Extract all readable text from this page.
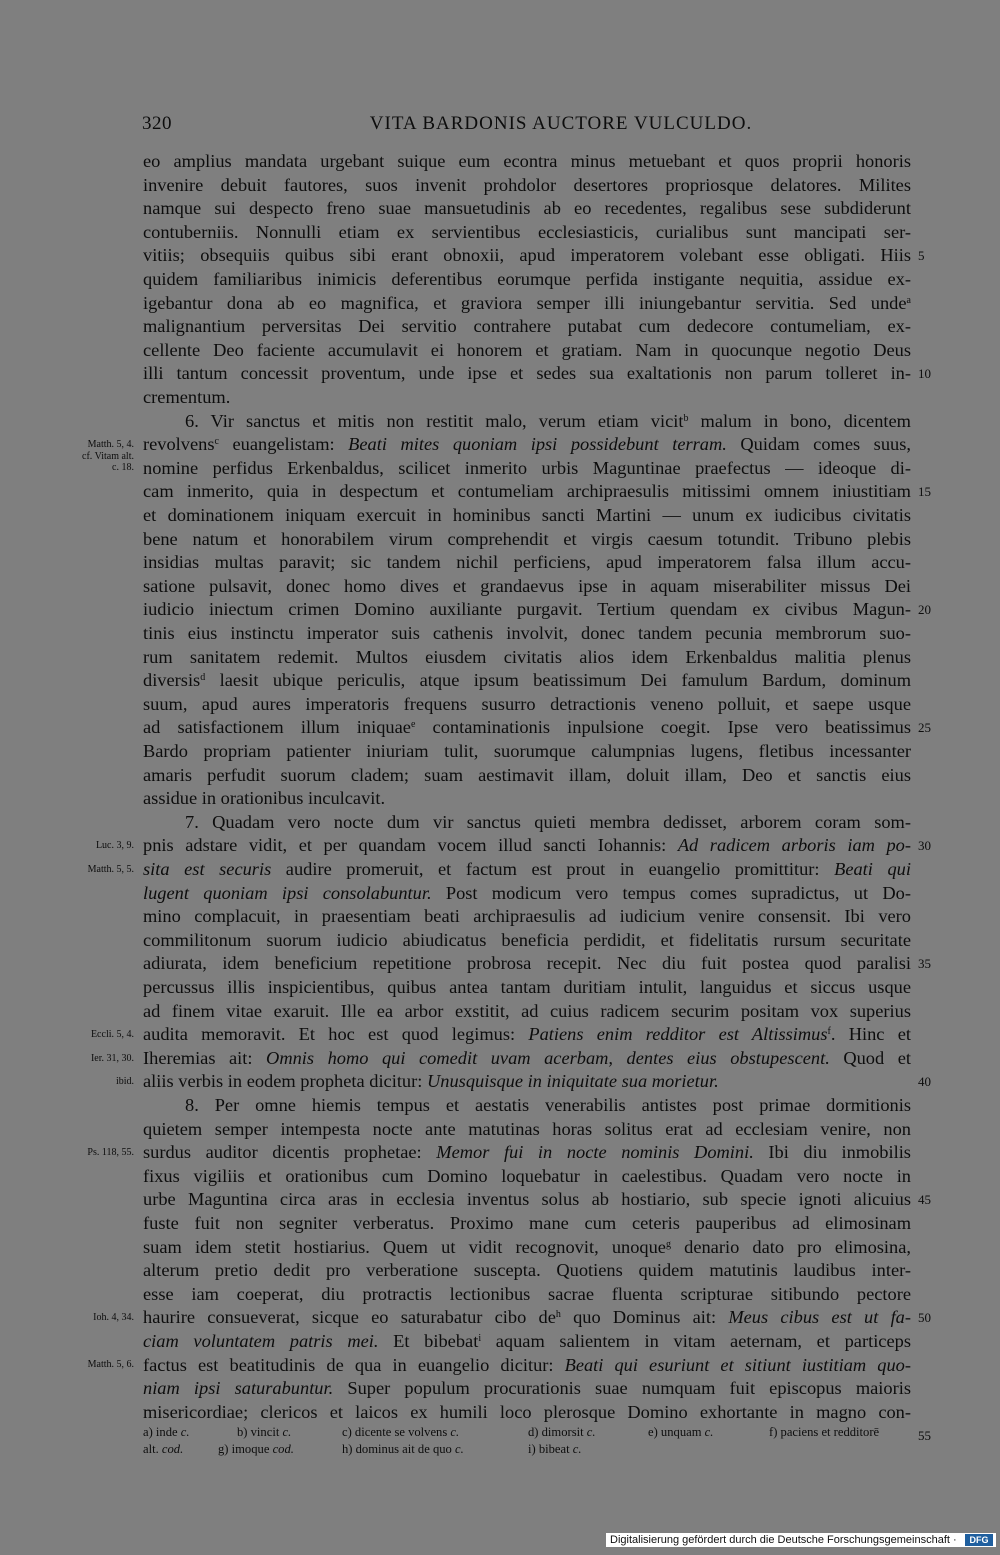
320	VITA BARDONIS AUCTORE VULCULDO.
eo amplius mandata urgebant suique eum econtra minus metuebant et quos proprii honoris
invenire debuit fautores, suos invenit prohdolor desertores propriosque delatores. Milites
namque sui despecto freno suae mansuetudinis ab eo recedentes, regalibus sese subdiderunt
contuberniis. Nonnulli etiam ex servientibus ecclesiasticis, curialibus sunt mancipati ser-
vitiis; obsequiis quibus sibi erant obnoxii, apud imperatorem volebant esse obligati. Hiis
quidem familiaribus inimicis deferentibus eorumque perfida instigante nequitia, assidue ex-
igebantur dona ab eo magnifica, et graviora semper illi iniungebantur servitia. Sed unde$^a$
malignantium perversitas Dei servitio contrahere putabat cum dedecore contumeliam, ex-
cellente Deo faciente accumulavit ei honorem et gratiam. Nam in quocunque negotio Deus
illi tantum concessit proventum, unde ipse et sedes sua exaltationis non parum tolleret in-
crementum.
6. Vir sanctus et mitis non restitit malo, verum etiam vicit$^b$ malum in bono, dicentem
revolvens$^c$ euangelistam: Beati mites quoniam ipsi possidebunt terram. Quidam comes suus,
nomine perfidus Erkenbaldus, scilicet inmerito urbis Maguntinae praefectus — ideoque di-
cam inmerito, quia in despectum et contumeliam archipraesulis mitissimi omnem iniustitiam
et dominationem iniquam exercuit in hominibus sancti Martini — unum ex iudicibus civitatis
bene natum et honorabilem virum comprehendit et virgis caesum totundit. Tribuno plebis
insidias multas paravit; sic tandem nichil perficiens, apud imperatorem falsa illum accu-
satione pulsavit, donec homo dives et grandaevus ipse in aquam miserabiliter missus Dei
iudicio iniectum crimen Domino auxiliante purgavit. Tertium quendam ex civibus Magun-
tinis eius instinctu imperator suis cathenis involvit, donec tandem pecunia membrorum suo-
rum sanitatem redemit. Multos eiusdem civitatis alios idem Erkenbaldus malitia plenus
diversis$^d$ laesit ubique periculis, atque ipsum beatissimum Dei famulum Bardum, dominum
suum, apud aures imperatoris frequens susurro detractionis veneno polluit, et saepe usque
ad satisfactionem illum iniquae$^e$ contaminationis inpulsione coegit. Ipse vero beatissimus
Bardo propriam patienter iniuriam tulit, suorumque calumpnias lugens, fletibus incessanter
amaris perfudit suorum cladem; suam aestimavit illam, doluit illam, Deo et sanctis eius
assidue in orationibus inculcavit.
7. Quadam vero nocte dum vir sanctus quieti membra dedisset, arborem coram som-
pnis adstare vidit, et per quandam vocem illud sancti Iohannis: Ad radicem arboris iam po-
sita est securis audire promeruit, et factum est prout in euangelio promittitur: Beati qui
lugent quoniam ipsi consolabuntur. Post modicum vero tempus comes supradictus, ut Do-
mino complacuit, in praesentiam beati archipraesulis ad iudicium venire consensit. Ibi vero
commilitonum suorum iudicio abiudicatus beneficia perdidit, et fidelitatis rursum securitate
adiurata, idem beneficium repetitione probrosa recepit. Nec diu fuit postea quod paralisi
percussus illis inspicientibus, quibus antea tantam duritiam intulit, languidus et siccus usque
ad finem vitae exaruit. Ille ea arbor exstitit, ad cuius radicem securim positam vox superius
audita memoravit. Et hoc est quod legimus: Patiens enim redditor est Altissimus$^f$. Hinc et
Iheremias ait: Omnis homo qui comedit uvam acerbam, dentes eius obstupescent. Quod et
aliis verbis in eodem propheta dicitur: Unusquisque in iniquitate sua morietur.
8. Per omne hiemis tempus et aestatis venerabilis antistes post primae dormitionis
quietem semper intempesta nocte ante matutinas horas solitus erat ad ecclesiam venire, non
surdus auditor dicentis prophetae: Memor fui in nocte nominis Domini. Ibi diu inmobilis
fixus vigiliis et orationibus cum Domino loquebatur in caelestibus. Quadam vero nocte in
urbe Maguntina circa aras in ecclesia inventus solus ab hostiario, sub specie ignoti alicuius
fuste fuit non segniter verberatus. Proximo mane cum ceteris pauperibus ad elimosinam
suam idem stetit hostiarius. Quem ut vidit recognovit, unoque$^g$ denario dato pro elimosina,
alterum pretio dedit pro verberatione suscepta. Quotiens quidem matutinis laudibus inter-
esse iam coeperat, diu protractis lectionibus sacrae fluenta scripturae sitibundo pectore
haurire consueverat, sicque eo saturabatur cibo $de^h$ quo Dominus ait: Meus cibus est ut fa-
ciam voluntatem patris mei. Et bibebat$^i$ aquam salientem in vitam aeternam, et particeps
factus est beatitudinis de qua in euangelio dicitur: Beati qui esuriunt et sitiunt iustitiam quo-
niam ipsi saturabuntur. Super populum procurationis suae numquam fuit episcopus maioris
misericordiae; clericos et laicos ex humili loco plerosque Domino exhortante in magno con-
5
10
15
20
25
30
35
40
45
50
55
Matth. 5, 4.
cf. Vitam alt.
c. 18.
Luc. 3, 9.
Matth. 5, 5.
Eccli. 5, 4.
Ier. 31, 30.
ibid.
Ps. 118, 55.
Ioh. 4, 34.
Matth. 5, 6.
a) inde c.	b) vincit c.	c) dicente se volvens c.	d) dimorsit c.	e) unquam c.	f) paciens et redditorē
alt. cod.	g) imoque cod.	h) dominus ait de quo c.	i) bibeat c.
Digitalisierung gefördert durch die Deutsche Forschungsgemeinschaft ·	DFG
